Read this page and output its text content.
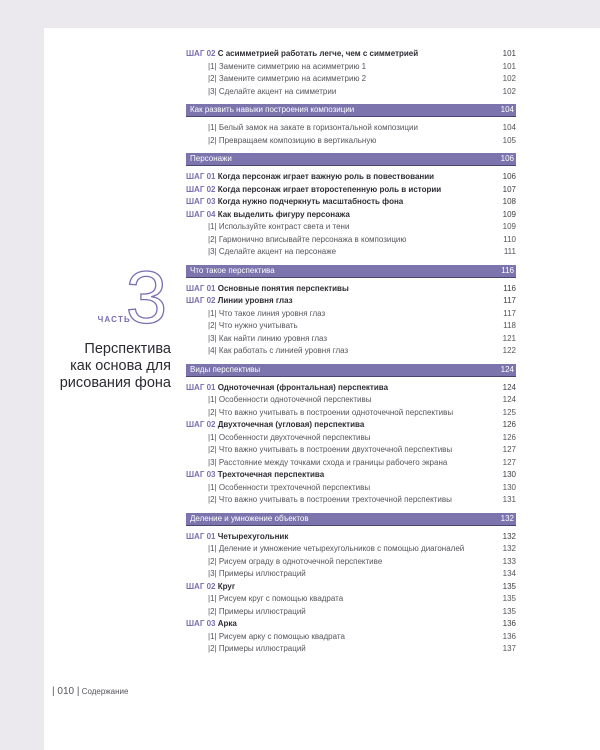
ЧАСТЬ
3
Перспектива
как основа для
рисования фона
ШАГ 02 С асимметрией работать легче, чем с симметрией	101
|1| Замените симметрию на асимметрию 1	101
|2| Замените симметрию на асимметрию 2	102
|3| Сделайте акцент на симметрии	102
Как развить навыки построения композиции	104
|1| Белый замок на закате в горизонтальной композиции	104
|2| Превращаем композицию в вертикальную	105
Персонажи	106
ШАГ 01 Когда персонаж играет важную роль в повествовании	106
ШАГ 02 Когда персонаж играет второстепенную роль в истории	107
ШАГ 03 Когда нужно подчеркнуть масштабность фона	108
ШАГ 04 Как выделить фигуру персонажа	109
|1| Используйте контраст света и тени	109
|2| Гармонично вписывайте персонажа в композицию	110
|3| Сделайте акцент на персонаже	111
Что такое перспектива	116
ШАГ 01 Основные понятия перспективы	116
ШАГ 02 Линии уровня глаз	117
|1| Что такое линия уровня глаз	117
|2| Что нужно учитывать	118
|3| Как найти линию уровня глаз	121
|4| Как работать с линией уровня глаз	122
Виды перспективы	124
ШАГ 01 Одноточечная (фронтальная) перспектива	124
|1| Особенности одноточечной перспективы	124
|2| Что важно учитывать в построении одноточечной перспективы	125
ШАГ 02 Двухточечная (угловая) перспектива	126
|1| Особенности двухточечной перспективы	126
|2| Что важно учитывать в построении двухточечной перспективы	127
|3| Расстояние между точками схода и границы рабочего экрана	127
ШАГ 03 Трехточечная перспектива	130
|1| Особенности трехточечной перспективы	130
|2| Что важно учитывать в построении трехточечной перспективы	131
Деление и умножение объектов	132
ШАГ 01 Четырехугольник	132
|1| Деление и умножение четырехугольников с помощью диагоналей	132
|2| Рисуем ограду в одноточечной перспективе	133
|3| Примеры иллюстраций	134
ШАГ 02 Круг	135
|1| Рисуем круг с помощью квадрата	135
|2| Примеры иллюстраций	135
ШАГ 03 Арка	136
|1| Рисуем арку с помощью квадрата	136
|2| Примеры иллюстраций	137
| 010 | Содержание
